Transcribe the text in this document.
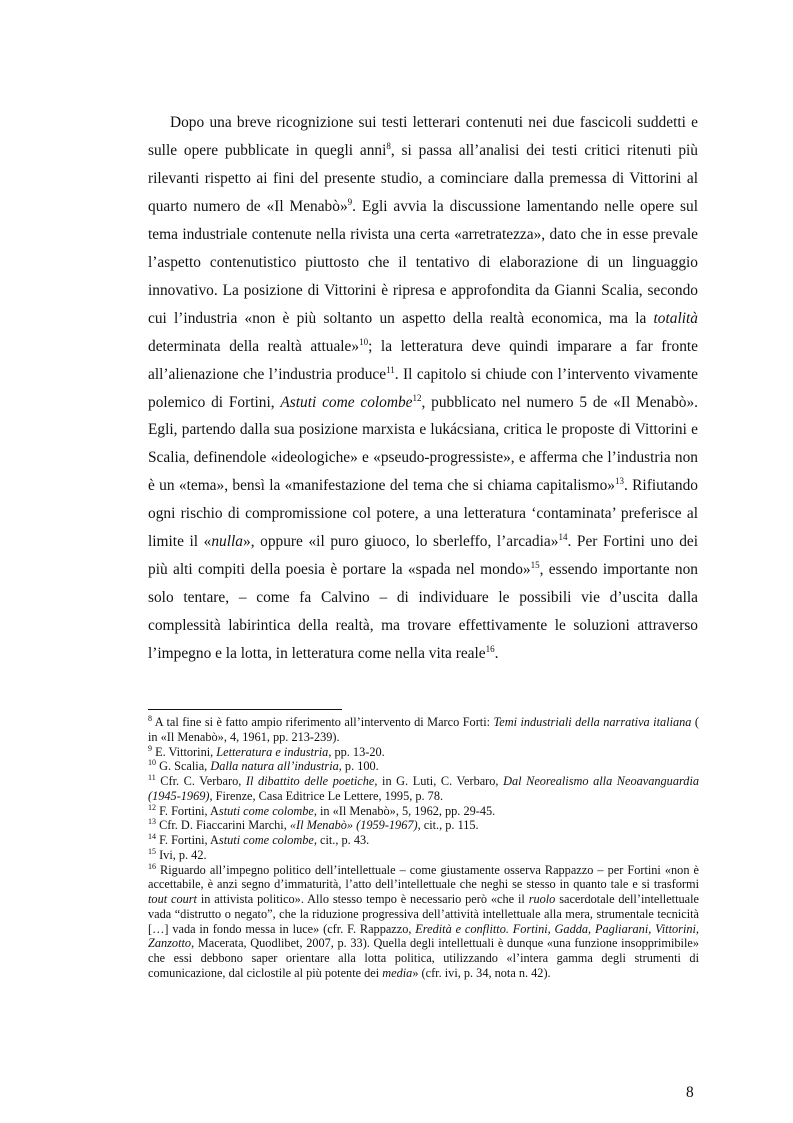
Dopo una breve ricognizione sui testi letterari contenuti nei due fascicoli suddetti e sulle opere pubblicate in quegli anni$^8$, si passa all’analisi dei testi critici ritenuti più rilevanti rispetto ai fini del presente studio, a cominciare dalla premessa di Vittorini al quarto numero de «Il Menabò»$^9$. Egli avvia la discussione lamentando nelle opere sul tema industriale contenute nella rivista una certa «arretratezza», dato che in esse prevale l’aspetto contenutistico piuttosto che il tentativo di elaborazione di un linguaggio innovativo. La posizione di Vittorini è ripresa e approfondita da Gianni Scalia, secondo cui l’industria «non è più soltanto un aspetto della realtà economica, ma la totalità determinata della realtà attuale»$^{10}$; la letteratura deve quindi imparare a far fronte all’alienazione che l’industria produce$^{11}$. Il capitolo si chiude con l’intervento vivamente polemico di Fortini, Astuti come colombe$^{12}$, pubblicato nel numero 5 de «Il Menabò». Egli, partendo dalla sua posizione marxista e lukácsiana, critica le proposte di Vittorini e Scalia, definendole «ideologiche» e «pseudo-progressiste», e afferma che l’industria non è un «tema», bensì la «manifestazione del tema che si chiama capitalismo»$^{13}$. Rifiutando ogni rischio di compromissione col potere, a una letteratura ‘contaminata’ preferisce al limite il «nulla», oppure «il puro giuoco, lo sberleffo, l’arcadia»$^{14}$. Per Fortini uno dei più alti compiti della poesia è portare la «spada nel mondo»$^{15}$, essendo importante non solo tentare, – come fa Calvino – di individuare le possibili vie d’uscita dalla complessità labirintica della realtà, ma trovare effettivamente le soluzioni attraverso l’impegno e la lotta, in letteratura come nella vita reale$^{16}$.

$^8$ A tal fine si è fatto ampio riferimento all’intervento di Marco Forti: Temi industriali della narrativa italiana ( in «Il Menabò», 4, 1961, pp. 213-239).

$^9$ E. Vittorini, Letteratura e industria, pp. 13-20.

$^{10}$ G. Scalia, Dalla natura all’industria, p. 100.

$^{11}$ Cfr. C. Verbaro, Il dibattito delle poetiche, in G. Luti, C. Verbaro, Dal Neorealismo alla Neoavanguardia (1945-1969), Firenze, Casa Editrice Le Lettere, 1995, p. 78.

$^{12}$ F. Fortini, Astuti come colombe, in «Il Menabò», 5, 1962, pp. 29-45.

$^{13}$ Cfr. D. Fiaccarini Marchi, «Il Menabò» (1959-1967), cit., p. 115.

$^{14}$ F. Fortini, Astuti come colombe, cit., p. 43.

$^{15}$ Ivi, p. 42.

$^{16}$ Riguardo all’impegno politico dell’intellettuale – come giustamente osserva Rappazzo – per Fortini «non è accettabile, è anzi segno d’immaturità, l’atto dell’intellettuale che neghi se stesso in quanto tale e si trasformi tout court in attivista politico». Allo stesso tempo è necessario però «che il ruolo sacerdotale dell’intellettuale vada “distrutto o negato”, che la riduzione progressiva dell’attività intellettuale alla mera, strumentale tecnicità […] vada in fondo messa in luce» (cfr. F. Rappazzo, Eredità e conflitto. Fortini, Gadda, Pagliarani, Vittorini, Zanzotto, Macerata, Quodlibet, 2007, p. 33). Quella degli intellettuali è dunque «una funzione insopprimibile» che essi debbono saper orientare alla lotta politica, utilizzando «l’intera gamma degli strumenti di comunicazione, dal ciclostile al più potente dei media» (cfr. ivi, p. 34, nota n. 42).

8
